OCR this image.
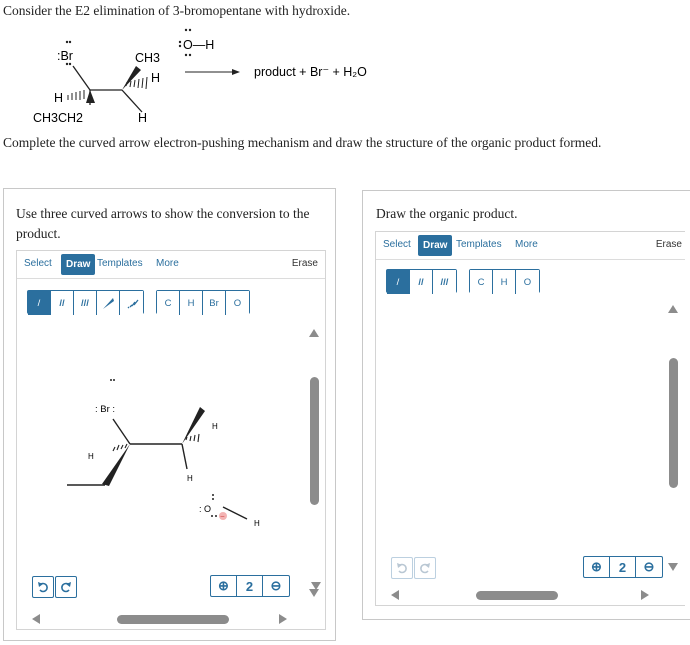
Consider the E2 elimination of 3-bromopentane with hydroxide.
:Br	CH3
H
H
CH3CH2	H
O—H
product + Br⁻ + H₂O
Complete the curved arrow electron-pushing mechanism and draw the structure of the organic product formed.
Use three curved arrows to show the conversion to the product.
Select	Draw Templates More	Erase
/	//	///	C	H	Br	O
: Br :
H
H
H
: O
−
H
⊕	2	⊖
Draw the organic product.
Select	Draw Templates More	Erase
/	//	///	C	H	O
⊕	2	⊖
